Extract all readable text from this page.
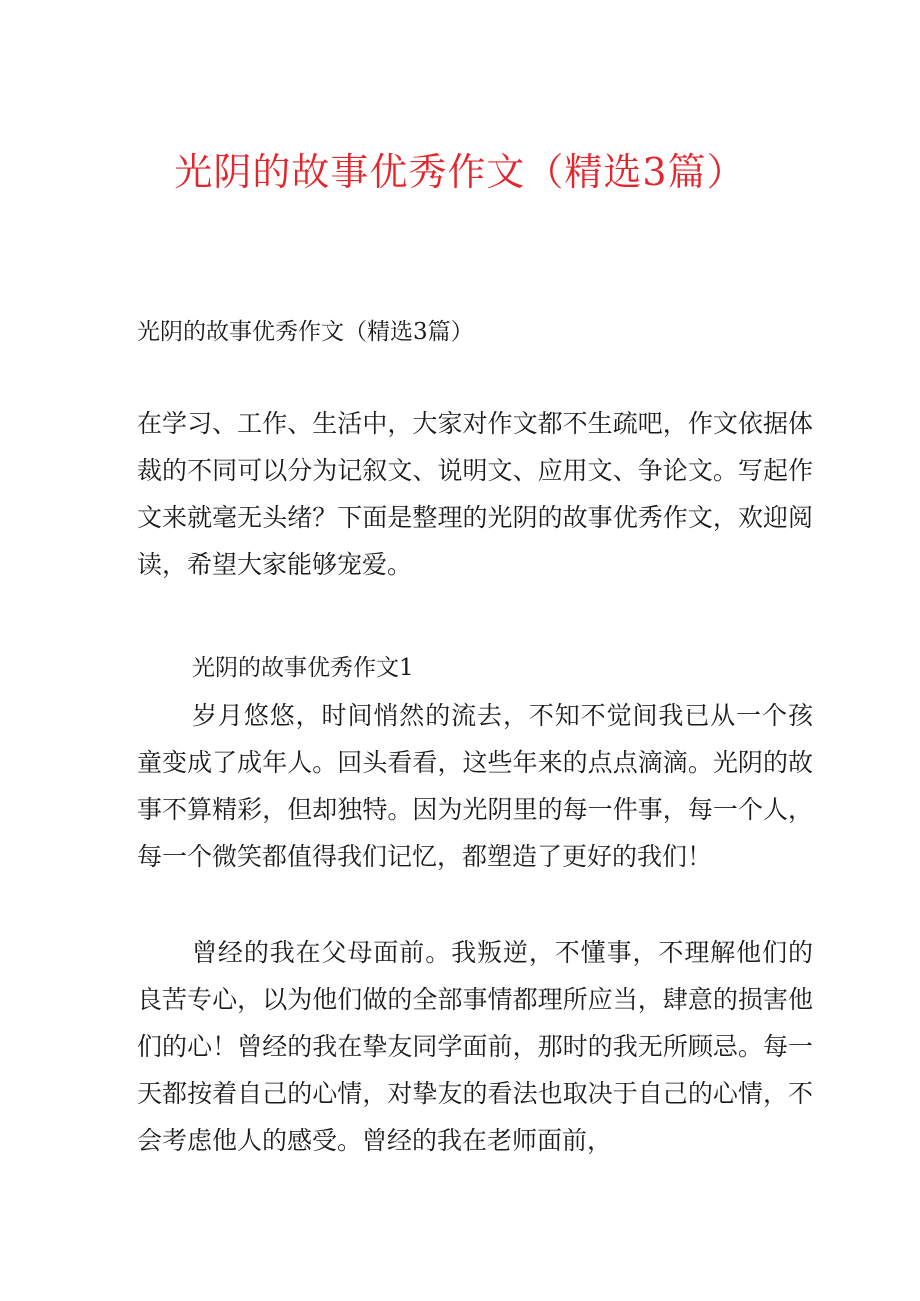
光阴的故事优秀作文（精选3篇）

光阴的故事优秀作文（精选3篇）

在学习、工作、生活中，大家对作文都不生疏吧，作文依据体裁的不同可以分为记叙文、说明文、应用文、争论文。写起作文来就毫无头绪？下面是整理的光阴的故事优秀作文，欢迎阅读，希望大家能够宠爱。

光阴的故事优秀作文1

岁月悠悠，时间悄然的流去，不知不觉间我已从一个孩童变成了成年人。回头看看，这些年来的点点滴滴。光阴的故事不算精彩，但却独特。因为光阴里的每一件事，每一个人，每一个微笑都值得我们记忆，都塑造了更好的我们！

曾经的我在父母面前。我叛逆，不懂事，不理解他们的良苦专心，以为他们做的全部事情都理所应当，肆意的损害他们的心！曾经的我在挚友同学面前，那时的我无所顾忌。每一天都按着自己的心情，对挚友的看法也取决于自己的心情，不会考虑他人的感受。曾经的我在老师面前，
